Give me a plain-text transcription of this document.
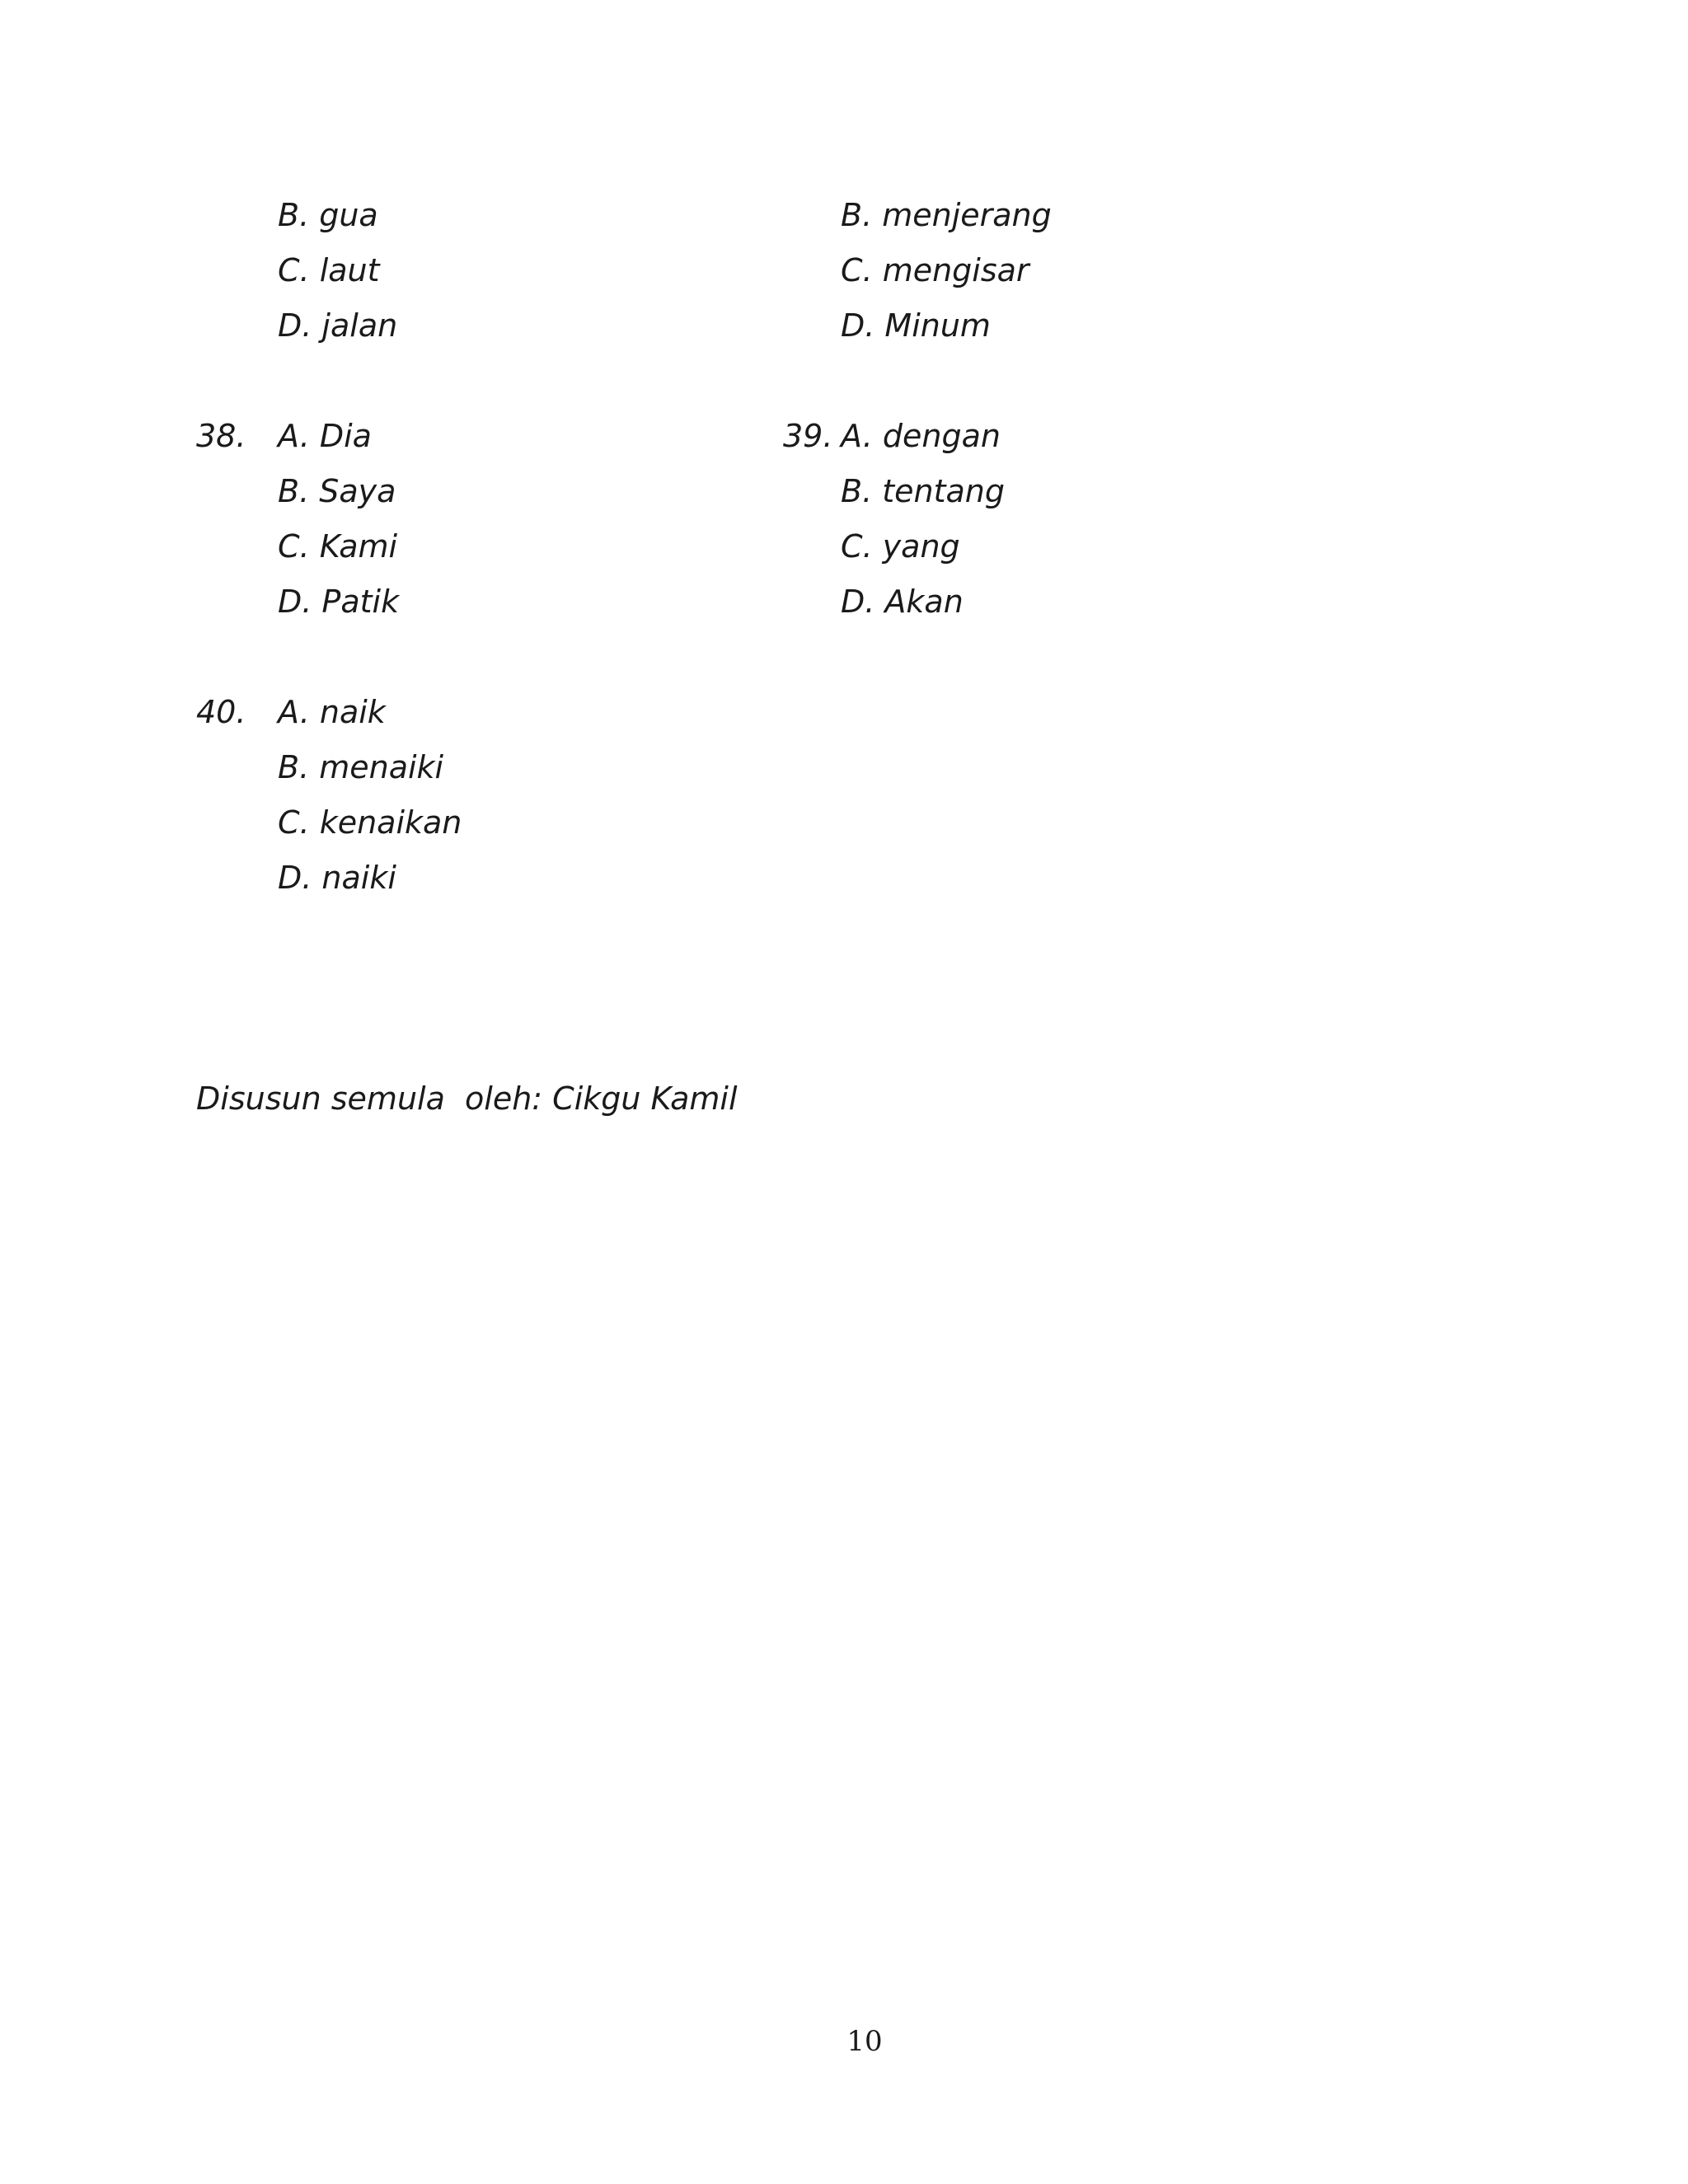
B. gua
C. laut
D. jalan
B. menjerang
C. mengisar
D. Minum
38. A. Dia
B. Saya
C. Kami
D. Patik
39. A. dengan
B. tentang
C. yang
D. Akan
40. A. naik
B. menaiki
C. kenaikan
D. naiki
Disusun semula  oleh: Cikgu Kamil
10
